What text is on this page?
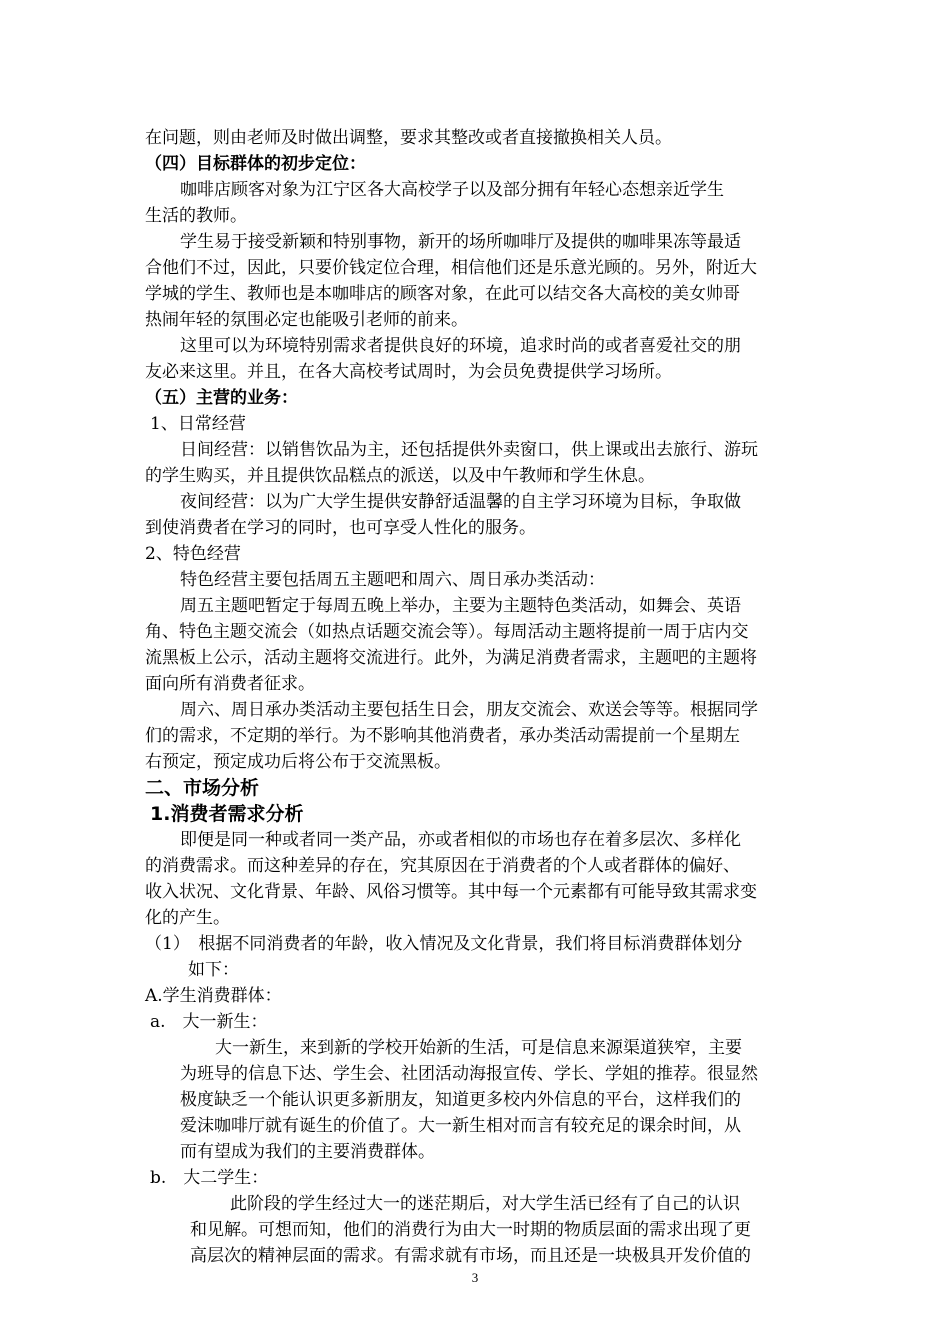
在问题，则由老师及时做出调整，要求其整改或者直接撤换相关人员。
（四）目标群体的初步定位：
咖啡店顾客对象为江宁区各大高校学子以及部分拥有年轻心态想亲近学生
生活的教师。
学生易于接受新颖和特别事物，新开的场所咖啡厅及提供的咖啡果冻等最适
合他们不过，因此，只要价钱定位合理，相信他们还是乐意光顾的。另外，附近大
学城的学生、教师也是本咖啡店的顾客对象，在此可以结交各大高校的美女帅哥
热闹年轻的氛围必定也能吸引老师的前来。
这里可以为环境特别需求者提供良好的环境，追求时尚的或者喜爱社交的朋
友必来这里。并且，在各大高校考试周时，为会员免费提供学习场所。
（五）主营的业务：
1、日常经营
日间经营：以销售饮品为主，还包括提供外卖窗口，供上课或出去旅行、游玩
的学生购买，并且提供饮品糕点的派送，以及中午教师和学生休息。
夜间经营：以为广大学生提供安静舒适温馨的自主学习环境为目标，争取做
到使消费者在学习的同时，也可享受人性化的服务。
2、特色经营
特色经营主要包括周五主题吧和周六、周日承办类活动：
周五主题吧暂定于每周五晚上举办，主要为主题特色类活动，如舞会、英语
角、特色主题交流会（如热点话题交流会等）。每周活动主题将提前一周于店内交
流黑板上公示，活动主题将交流进行。此外，为满足消费者需求，主题吧的主题将
面向所有消费者征求。
周六、周日承办类活动主要包括生日会，朋友交流会、欢送会等等。根据同学
们的需求，不定期的举行。为不影响其他消费者，承办类活动需提前一个星期左
右预定，预定成功后将公布于交流黑板。
二、市场分析
1.消费者需求分析
即便是同一种或者同一类产品，亦或者相似的市场也存在着多层次、多样化
的消费需求。而这种差异的存在，究其原因在于消费者的个人或者群体的偏好、
收入状况、文化背景、年龄、风俗习惯等。其中每一个元素都有可能导致其需求变
化的产生。
（1）　根据不同消费者的年龄，收入情况及文化背景，我们将目标消费群体划分
如下：
A.学生消费群体：
a.　大一新生：
大一新生，来到新的学校开始新的生活，可是信息来源渠道狭窄，主要
为班导的信息下达、学生会、社团活动海报宣传、学长、学姐的推荐。很显然
极度缺乏一个能认识更多新朋友，知道更多校内外信息的平台，这样我们的
爱沫咖啡厅就有诞生的价值了。大一新生相对而言有较充足的课余时间，从
而有望成为我们的主要消费群体。
b.　大二学生：
此阶段的学生经过大一的迷茫期后，对大学生活已经有了自己的认识
和见解。可想而知，他们的消费行为由大一时期的物质层面的需求出现了更
高层次的精神层面的需求。有需求就有市场，而且还是一块极具开发价值的
3
